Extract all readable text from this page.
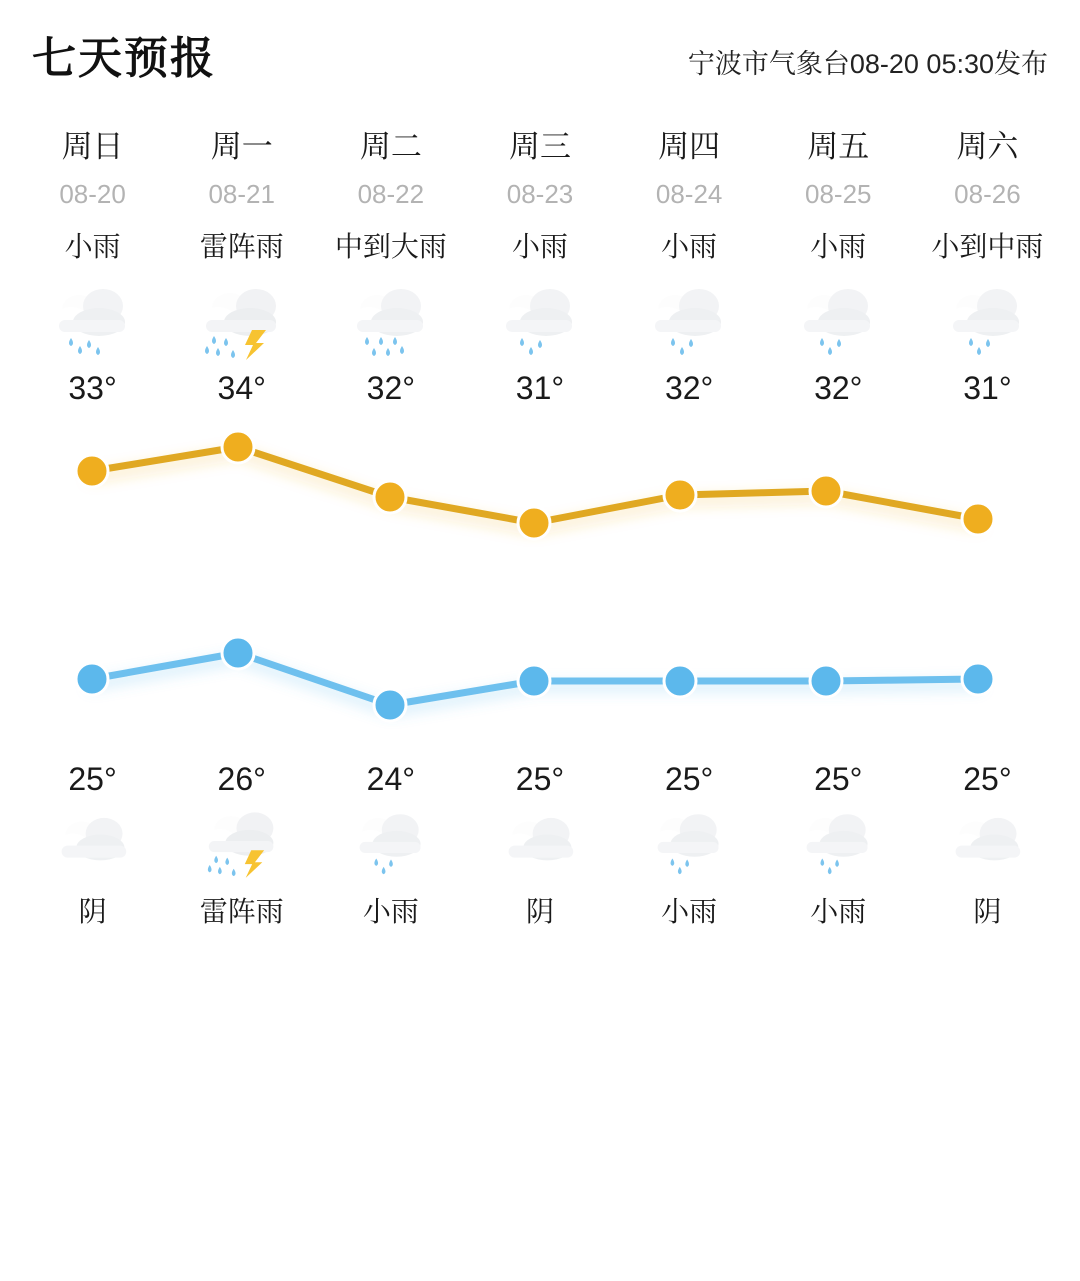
七天预报	宁波市气象台08-20 05:30发布
周日	周一	周二	周三	周四	周五	周六
08-20	08-21	08-22	08-23	08-24	08-25	08-26
小雨	雷阵雨	中到大雨	小雨	小雨	小雨	小到中雨
33°	34°	32°	31°	32°	32°	31°
25°	26°	24°	25°	25°	25°	25°
阴	雷阵雨	小雨	阴	小雨	小雨	阴
